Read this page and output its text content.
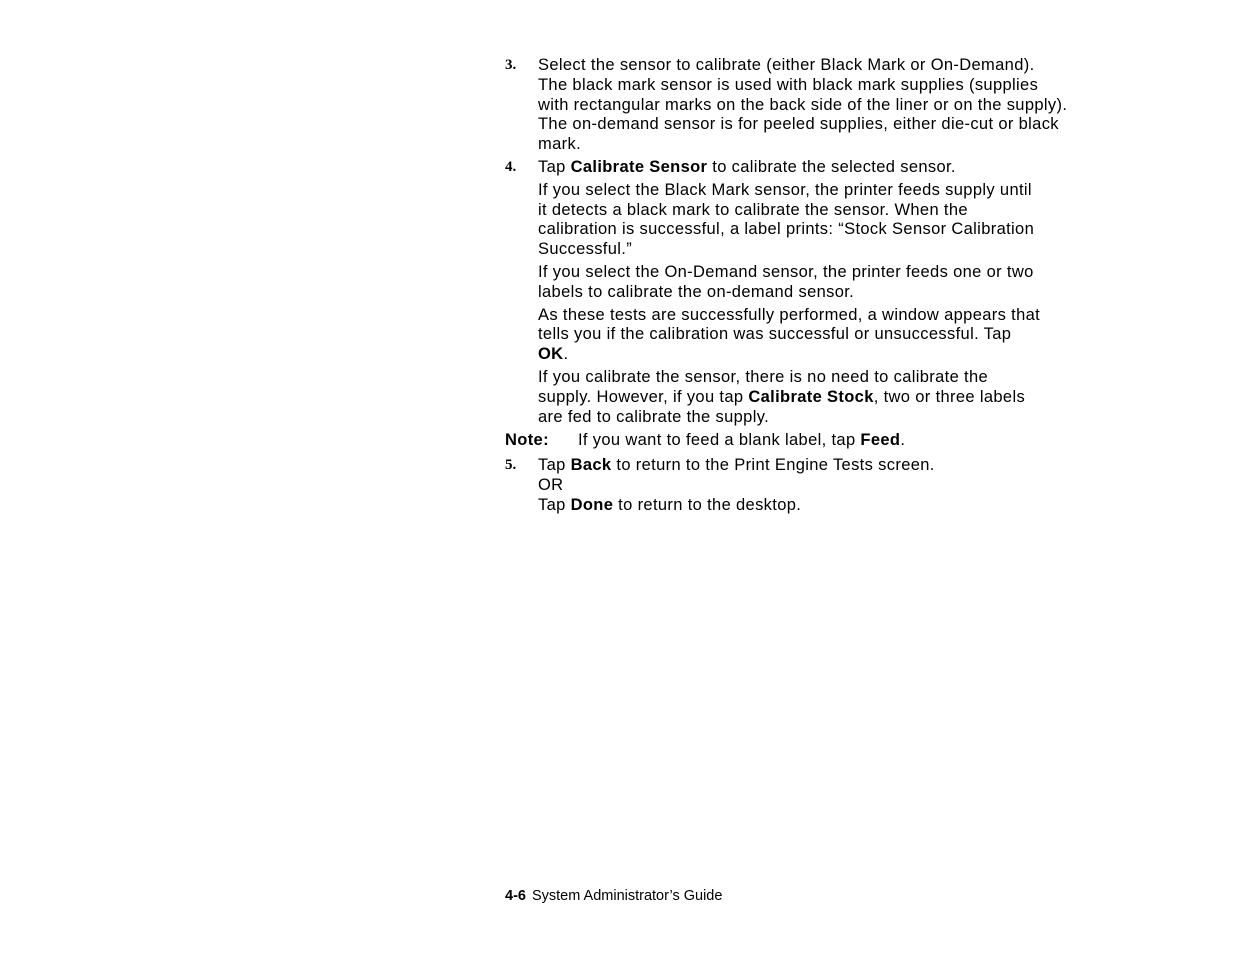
3. Select the sensor to calibrate (either Black Mark or On-Demand).
The black mark sensor is used with black mark supplies (supplies
with rectangular marks on the back side of the liner or on the supply).
The on-demand sensor is for peeled supplies, either die-cut or black
mark.
4. Tap Calibrate Sensor to calibrate the selected sensor.
If you select the Black Mark sensor, the printer feeds supply until
it detects a black mark to calibrate the sensor. When the
calibration is successful, a label prints: “Stock Sensor Calibration
Successful.”
If you select the On-Demand sensor, the printer feeds one or two
labels to calibrate the on-demand sensor.
As these tests are successfully performed, a window appears that
tells you if the calibration was successful or unsuccessful. Tap
OK.
If you calibrate the sensor, there is no need to calibrate the
supply. However, if you tap Calibrate Stock, two or three labels
are fed to calibrate the supply.
Note: If you want to feed a blank label, tap Feed.
5. Tap Back to return to the Print Engine Tests screen.
OR
Tap Done to return to the desktop.
4-6 System Administrator’s Guide
